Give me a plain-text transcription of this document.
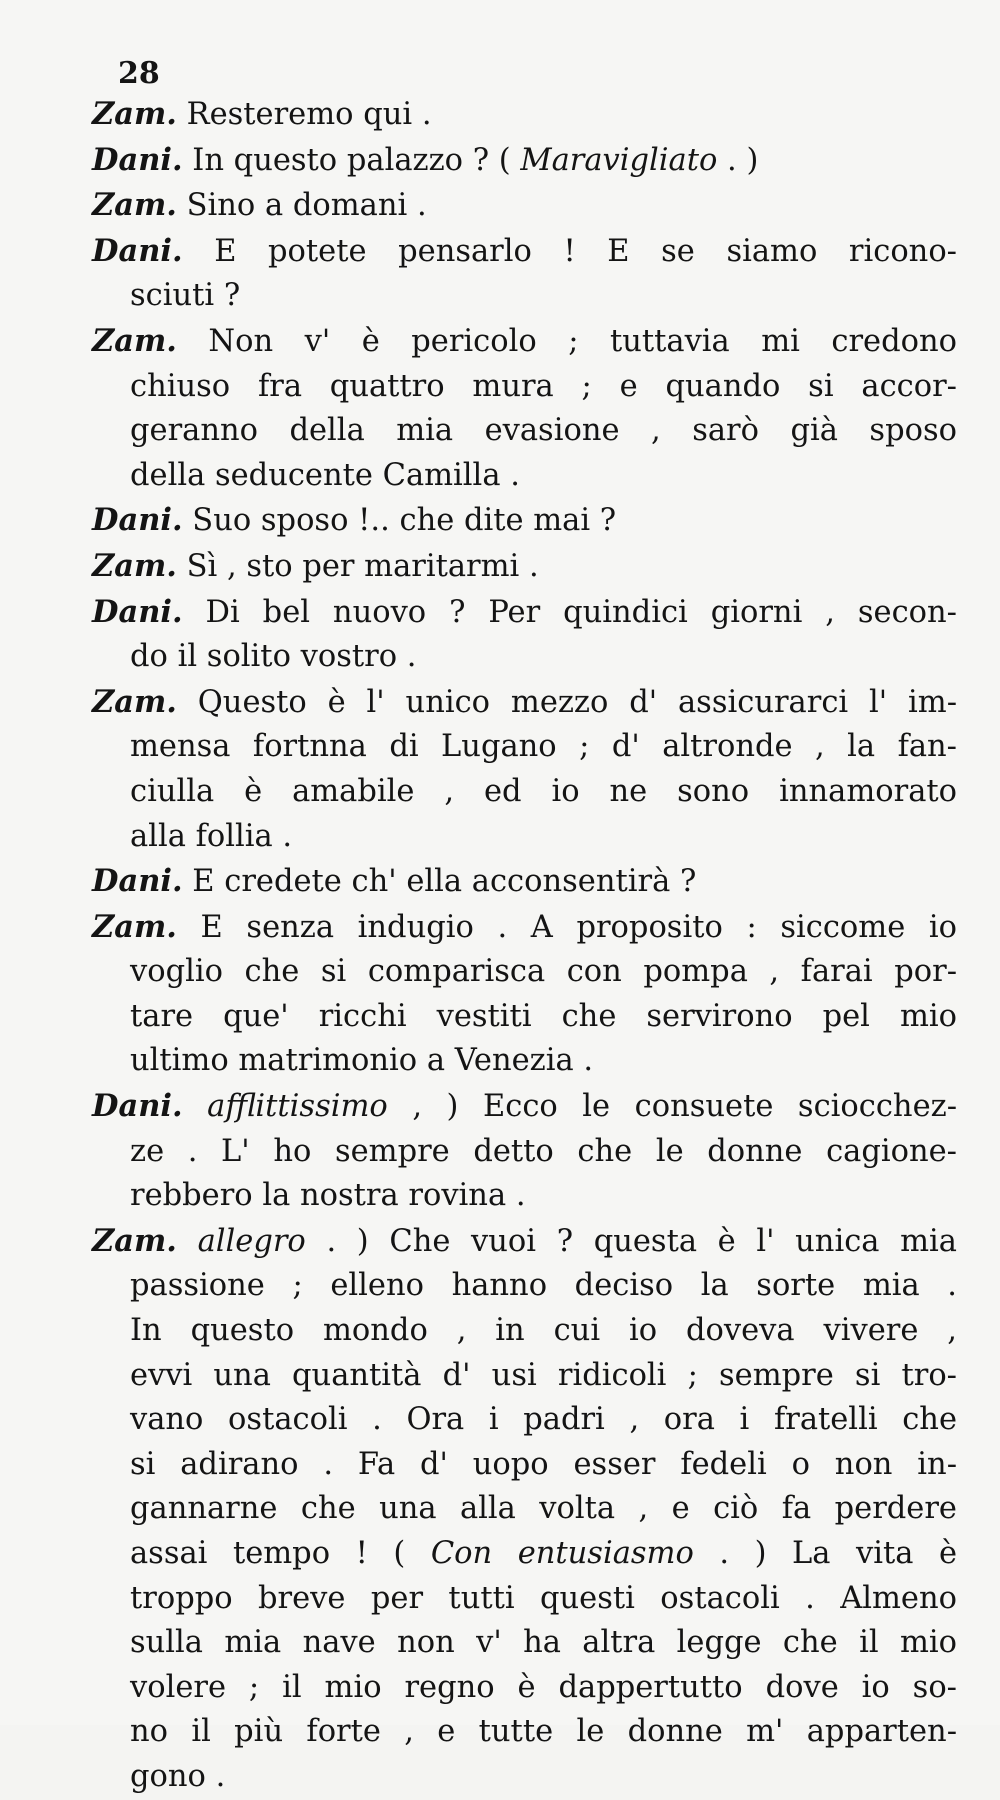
28
Zam. Resteremo qui .
Dani. In questo palazzo ? ( Maravigliato . )
Zam. Sino a domani .
Dani. E potete pensarlo ! E se siamo ricono-
sciuti ?
Zam. Non v' è pericolo ; tuttavia mi credono
chiuso fra quattro mura ; e quando si accor-
geranno della mia evasione , sarò già sposo
della seducente Camilla .
Dani. Suo sposo !.. che dite mai ?
Zam. Sì , sto per maritarmi .
Dani. Di bel nuovo ? Per quindici giorni , secon-
do il solito vostro .
Zam. Questo è l' unico mezzo d' assicurarci l' im-
mensa fortnna di Lugano ; d' altronde , la fan-
ciulla è amabile , ed io ne sono innamorato
alla follia .
Dani. E credete ch' ella acconsentirà ?
Zam. E senza indugio . A proposito : siccome io
voglio che si comparisca con pompa , farai por-
tare que' ricchi vestiti che servirono pel mio
ultimo matrimonio a Venezia .
Dani. afflittissimo , ) Ecco le consuete sciocchez-
ze . L' ho sempre detto che le donne cagione-
rebbero la nostra rovina .
Zam. allegro . ) Che vuoi ? questa è l' unica mia
passione ; elleno hanno deciso la sorte mia .
In questo mondo , in cui io doveva vivere ,
evvi una quantità d' usi ridicoli ; sempre si tro-
vano ostacoli . Ora i padri , ora i fratelli che
si adirano . Fa d' uopo esser fedeli o non in-
gannarne che una alla volta , e ciò fa perdere
assai tempo ! ( Con entusiasmo . ) La vita è
troppo breve per tutti questi ostacoli . Almeno
sulla mia nave non v' ha altra legge che il mio
volere ; il mio regno è dappertutto dove io so-
no il più forte , e tutte le donne m' apparten-
gono .
